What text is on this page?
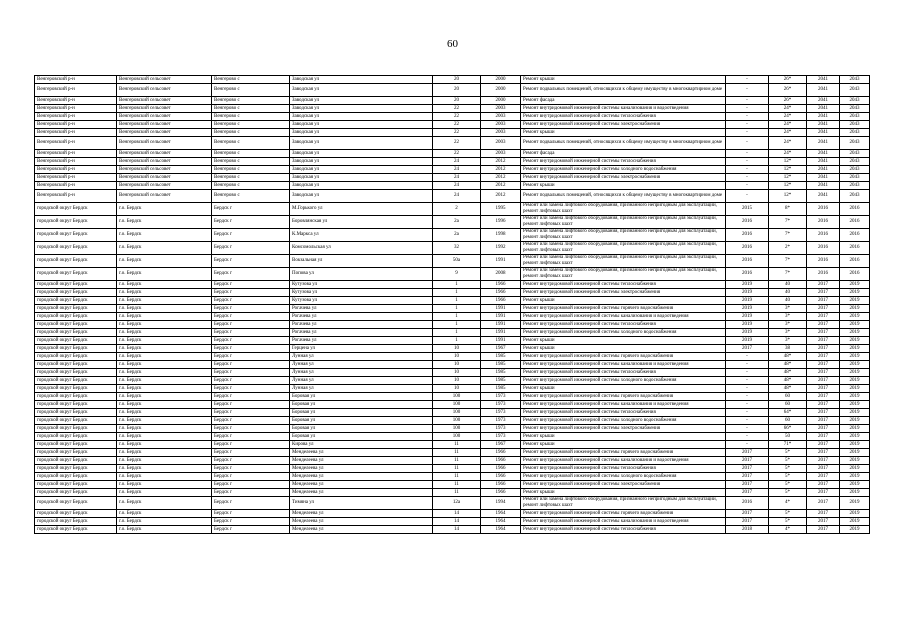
60
Венгеровский р-н	Венгеровский сельсовет	Венгерово с	Заводская ул	20	2000	Ремонт крыши	-	26*	2041	2043
Венгеровский р-н	Венгеровский сельсовет	Венгерово с	Заводская ул	20	2000	Ремонт подвальных помещений, относящихся к общему имуществу в многоквартирном доме	-	26*	2041	2043
Венгеровский р-н	Венгеровский сельсовет	Венгерово с	Заводская ул	20	2000	Ремонт фасада	-	26*	2041	2043
Венгеровский р-н	Венгеровский сельсовет	Венгерово с	Заводская ул	22	2003	Ремонт внутридомовой инженерной системы канализования и водоотведения	-	24*	2041	2043
Венгеровский р-н	Венгеровский сельсовет	Венгерово с	Заводская ул	22	2003	Ремонт внутридомовой инженерной системы теплоснабжения	-	24*	2041	2043
Венгеровский р-н	Венгеровский сельсовет	Венгерово с	Заводская ул	22	2003	Ремонт внутридомовой инженерной системы электроснабжения	-	24*	2041	2043
Венгеровский р-н	Венгеровский сельсовет	Венгерово с	Заводская ул	22	2003	Ремонт крыши	-	24*	2041	2043
Венгеровский р-н	Венгеровский сельсовет	Венгерово с	Заводская ул	22	2003	Ремонт подвальных помещений, относящихся к общему имуществу в многоквартирном доме	-	24*	2041	2043
Венгеровский р-н	Венгеровский сельсовет	Венгерово с	Заводская ул	22	2003	Ремонт фасада	-	24*	2041	2043
Венгеровский р-н	Венгеровский сельсовет	Венгерово с	Заводская ул	24	2012	Ремонт внутридомовой инженерной системы теплоснабжения	-	12*	2041	2043
Венгеровский р-н	Венгеровский сельсовет	Венгерово с	Заводская ул	24	2012	Ремонт внутридомовой инженерной системы холодного водоснабжения	-	12*	2041	2043
Венгеровский р-н	Венгеровский сельсовет	Венгерово с	Заводская ул	24	2012	Ремонт внутридомовой инженерной системы электроснабжения	-	12*	2041	2043
Венгеровский р-н	Венгеровский сельсовет	Венгерово с	Заводская ул	24	2012	Ремонт крыши	-	12*	2041	2043
Венгеровский р-н	Венгеровский сельсовет	Венгерово с	Заводская ул	24	2012	Ремонт подвальных помещений, относящихся к общему имуществу в многоквартирном доме	-	12*	2041	2043
городской округ Бердск	г.о. Бердск	Бердск г	М.Горького ул	2	1995	Ремонт или замена лифтового оборудования, признанного непригодным для эксплуатации, ремонт лифтовых шахт	2015	8*	2016	2016
городской округ Бердск	г.о. Бердск	Бердск г	Боровлянская ул	2а	1996	Ремонт или замена лифтового оборудования, признанного непригодным для эксплуатации, ремонт лифтовых шахт	2016	7*	2016	2016
городской округ Бердск	г.о. Бердск	Бердск г	К.Маркса ул	2а	1998	Ремонт или замена лифтового оборудования, признанного непригодным для эксплуатации, ремонт лифтовых шахт	2016	7*	2016	2016
городской округ Бердск	г.о. Бердск	Бердск г	Комсомольская ул	32	1992	Ремонт или замена лифтового оборудования, признанного непригодным для эксплуатации, ремонт лифтовых шахт	2016	2*	2016	2016
городской округ Бердск	г.о. Бердск	Бердск г	Вокзальная ул	50а	1991	Ремонт или замена лифтового оборудования, признанного непригодным для эксплуатации, ремонт лифтовых шахт	2016	7*	2016	2016
городской округ Бердск	г.о. Бердск	Бердск г	Попова ул	9	2008	Ремонт или замена лифтового оборудования, признанного непригодным для эксплуатации, ремонт лифтовых шахт	2016	7*	2016	2016
городской округ Бердск	г.о. Бердск	Бердск г	Кутузова ул	1	1966	Ремонт внутридомовой инженерной системы теплоснабжения	2019	40	2017	2019
городской округ Бердск	г.о. Бердск	Бердск г	Кутузова ул	1	1966	Ремонт внутридомовой инженерной системы электроснабжения	2019	40	2017	2019
городской округ Бердск	г.о. Бердск	Бердск г	Кутузова ул	1	1966	Ремонт крыши	2019	40	2017	2019
городской округ Бердск	г.о. Бердск	Бердск г	Рогачева ул	1	1991	Ремонт внутридомовой инженерной системы горячего водоснабжения	2019	3*	2017	2019
городской округ Бердск	г.о. Бердск	Бердск г	Рогачева ул	1	1991	Ремонт внутридомовой инженерной системы канализования и водоотведения	2019	3*	2017	2019
городской округ Бердск	г.о. Бердск	Бердск г	Рогачева ул	1	1991	Ремонт внутридомовой инженерной системы теплоснабжения	2019	3*	2017	2019
городской округ Бердск	г.о. Бердск	Бердск г	Рогачева ул	1	1991	Ремонт внутридомовой инженерной системы холодного водоснабжения	2019	3*	2017	2019
городской округ Бердск	г.о. Бердск	Бердск г	Рогачева ул	1	1991	Ремонт крыши	2019	3*	2017	2019
городской округ Бердск	г.о. Бердск	Бердск г	Герцена ул	10	1967	Ремонт крыши	2017	38	2017	2019
городской округ Бердск	г.о. Бердск	Бердск г	Лунная ул	10	1985	Ремонт внутридомовой инженерной системы горячего водоснабжения	-	48*	2017	2019
городской округ Бердск	г.о. Бердск	Бердск г	Лунная ул	10	1985	Ремонт внутридомовой инженерной системы канализования и водоотведения	-	48*	2017	2019
городской округ Бердск	г.о. Бердск	Бердск г	Лунная ул	10	1985	Ремонт внутридомовой инженерной системы теплоснабжения	-	48*	2017	2019
городской округ Бердск	г.о. Бердск	Бердск г	Лунная ул	10	1985	Ремонт внутридомовой инженерной системы холодного водоснабжения	-	48*	2017	2019
городской округ Бердск	г.о. Бердск	Бердск г	Лунная ул	10	1985	Ремонт крыши	-	48*	2017	2019
городской округ Бердск	г.о. Бердск	Бердск г	Боровая ул	100	1973	Ремонт внутридомовой инженерной системы горячего водоснабжения	-	60	2017	2019
городской округ Бердск	г.о. Бердск	Бердск г	Боровая ул	100	1973	Ремонт внутридомовой инженерной системы канализования и водоотведения	-	60	2017	2019
городской округ Бердск	г.о. Бердск	Бердск г	Боровая ул	100	1973	Ремонт внутридомовой инженерной системы теплоснабжения	-	64*	2017	2019
городской округ Бердск	г.о. Бердск	Бердск г	Боровая ул	100	1973	Ремонт внутридомовой инженерной системы холодного водоснабжения	-	60	2017	2019
городской округ Бердск	г.о. Бердск	Бердск г	Боровая ул	100	1973	Ремонт внутридомовой инженерной системы электроснабжения	-	66*	2017	2019
городской округ Бердск	г.о. Бердск	Бердск г	Боровая ул	100	1973	Ремонт крыши	-	50	2017	2019
городской округ Бердск	г.о. Бердск	Бердск г	Кирова ул	11	1967	Ремонт крыши	-	71*	2017	2019
городской округ Бердск	г.о. Бердск	Бердск г	Менделеева ул	11	1966	Ремонт внутридомовой инженерной системы горячего водоснабжения	2017	5*	2017	2019
городской округ Бердск	г.о. Бердск	Бердск г	Менделеева ул	11	1966	Ремонт внутридомовой инженерной системы канализования и водоотведения	2017	5*	2017	2019
городской округ Бердск	г.о. Бердск	Бердск г	Менделеева ул	11	1966	Ремонт внутридомовой инженерной системы теплоснабжения	2017	5*	2017	2019
городской округ Бердск	г.о. Бердск	Бердск г	Менделеева ул	11	1966	Ремонт внутридомовой инженерной системы холодного водоснабжения	2017	5*	2017	2019
городской округ Бердск	г.о. Бердск	Бердск г	Менделеева ул	11	1966	Ремонт внутридомовой инженерной системы электроснабжения	2017	5*	2017	2019
городской округ Бердск	г.о. Бердск	Бердск г	Менделеева ул	11	1966	Ремонт крыши	2017	5*	2017	2019
городской округ Бердск	г.о. Бердск	Бердск г	Тимяна ул	12а	1994	Ремонт или замена лифтового оборудования, признанного непригодным для эксплуатации, ремонт лифтовых шахт	2016	4*	2017	2019
городской округ Бердск	г.о. Бердск	Бердск г	Менделеева ул	14	1964	Ремонт внутридомовой инженерной системы горячего водоснабжения	2017	5*	2017	2019
городской округ Бердск	г.о. Бердск	Бердск г	Менделеева ул	14	1964	Ремонт внутридомовой инженерной системы канализования и водоотведения	2017	5*	2017	2019
городской округ Бердск	г.о. Бердск	Бердск г	Менделеева ул	14	1964	Ремонт внутридомовой инженерной системы теплоснабжения	2018	4*	2017	2019
